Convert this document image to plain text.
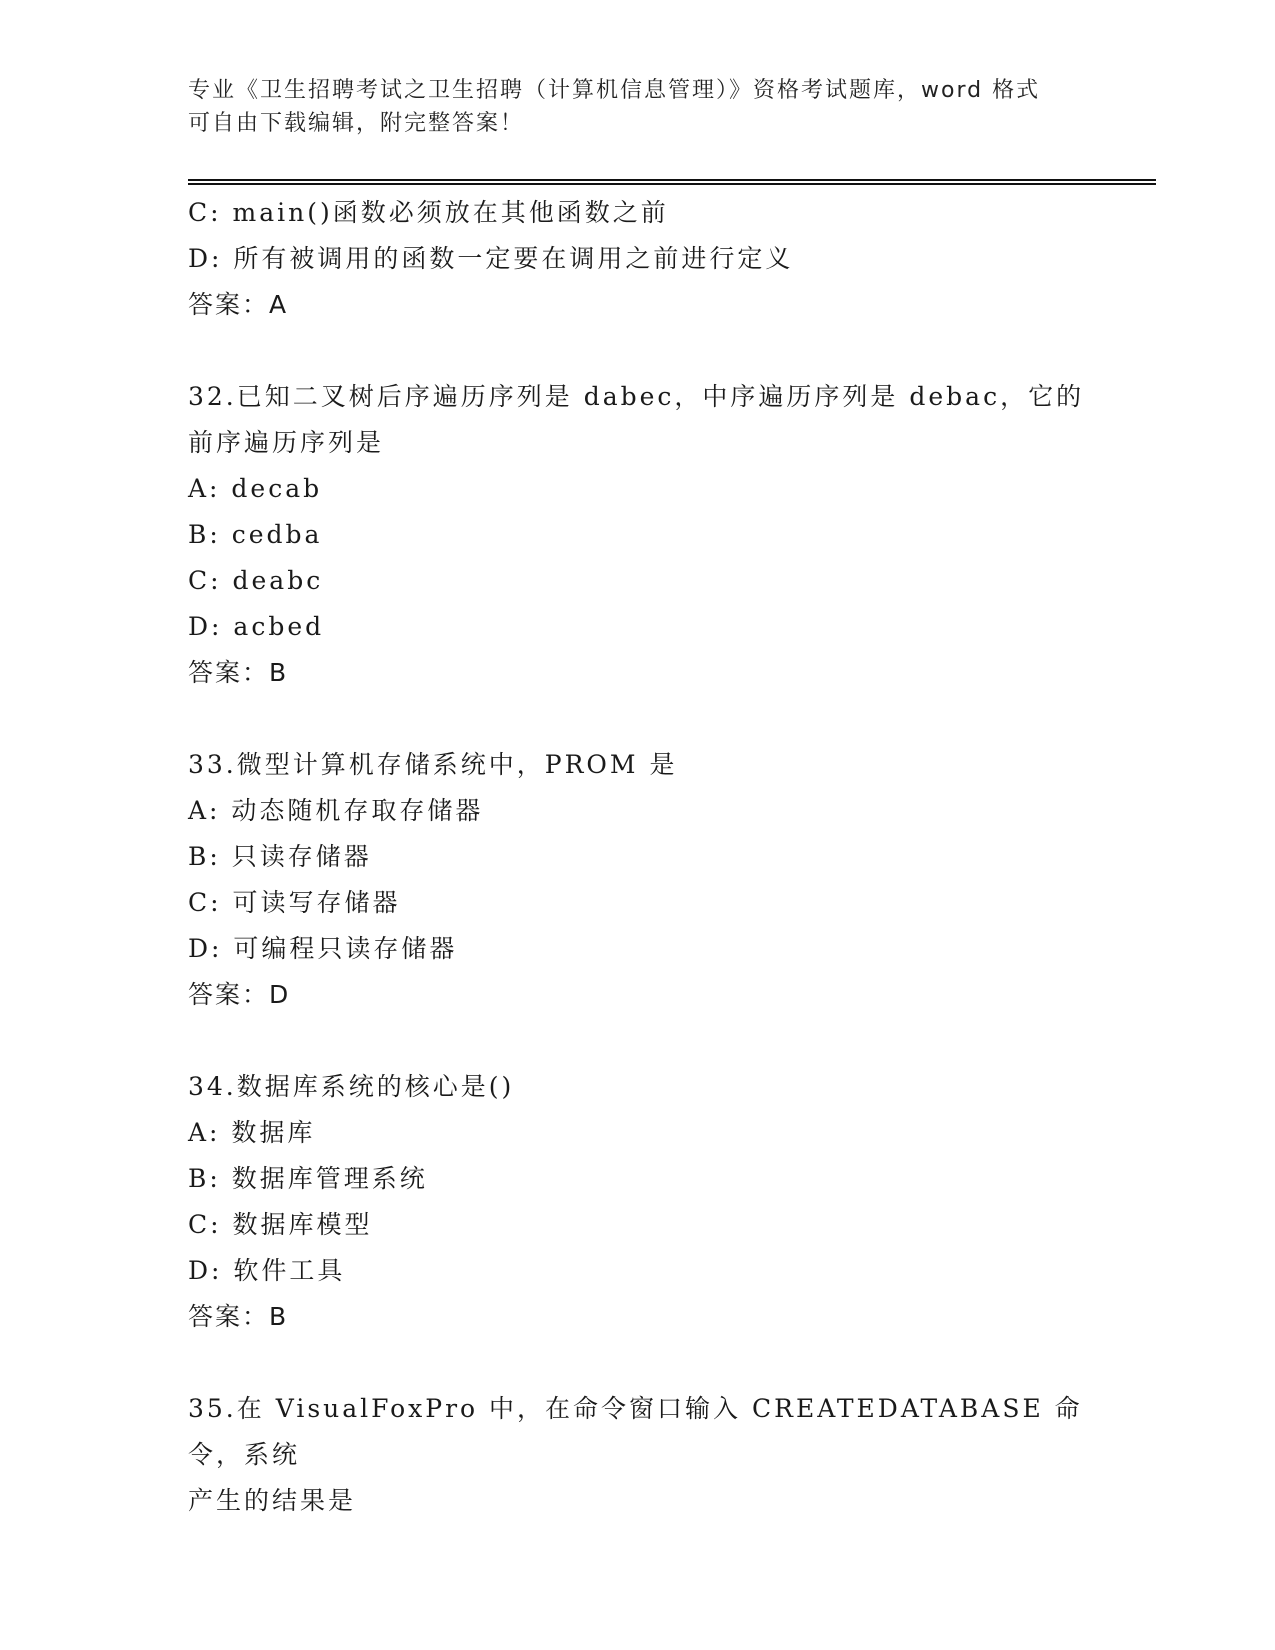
专业《卫生招聘考试之卫生招聘（计算机信息管理）》资格考试题库，word 格式
可自由下载编辑，附完整答案！
C: main()函数必须放在其他函数之前
D: 所有被调用的函数一定要在调用之前进行定义
答案：A
32.已知二叉树后序遍历序列是 dabec，中序遍历序列是 debac，它的
前序遍历序列是
A: decab
B: cedba
C: deabc
D: acbed
答案：B
33.微型计算机存储系统中，PROM 是
A: 动态随机存取存储器
B: 只读存储器
C: 可读写存储器
D: 可编程只读存储器
答案：D
34.数据库系统的核心是()
A: 数据库
B: 数据库管理系统
C: 数据库模型
D: 软件工具
答案：B
35.在 VisualFoxPro 中，在命令窗口输入 CREATEDATABASE 命令，系统
产生的结果是
